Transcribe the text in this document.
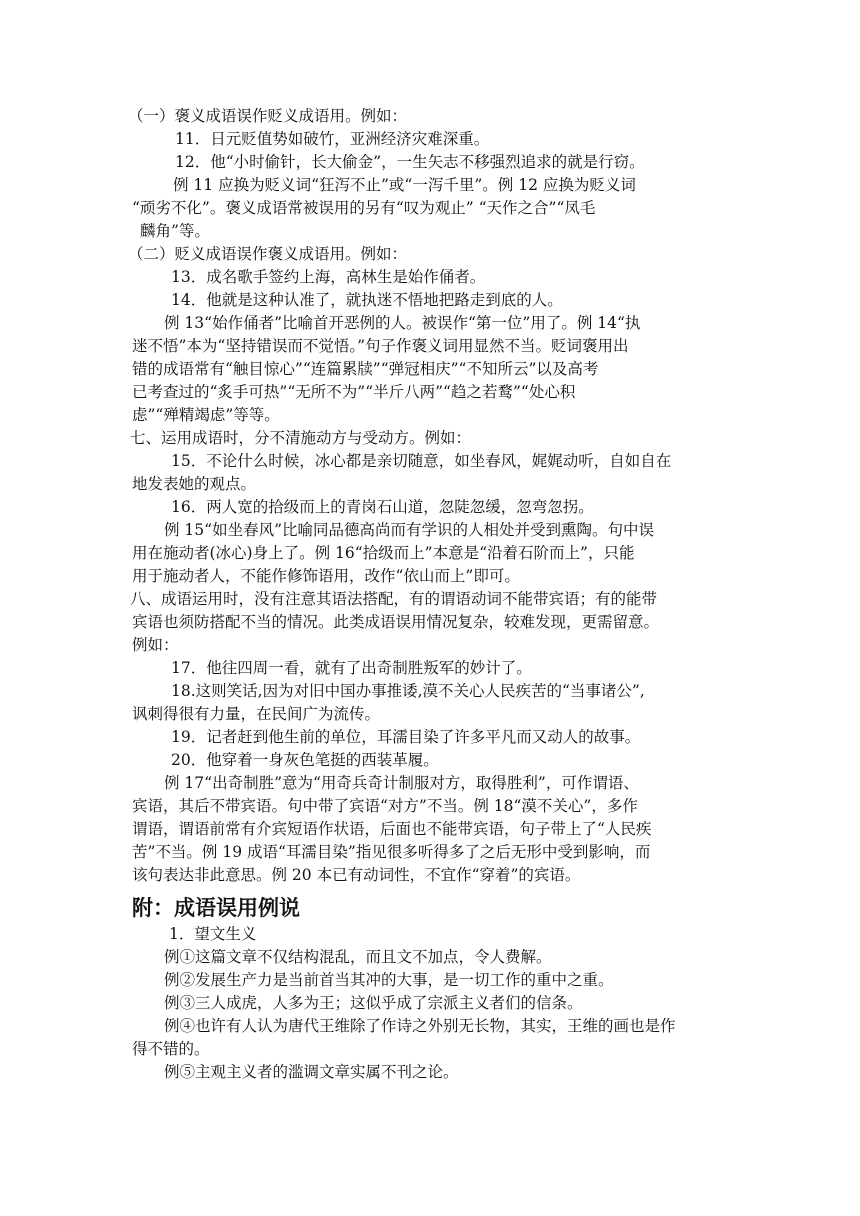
（一）褒义成语误作贬义成语用。例如：
11．日元贬值势如破竹，亚洲经济灾难深重。
12．他“小时偷针，长大偷金”，一生矢志不移强烈追求的就是行窃。
例 11 应换为贬义词“狂泻不止”或“一泻千里”。例 12 应换为贬义词
“顽劣不化”。褒义成语常被误用的另有“叹为观止” “天作之合”“凤毛
麟角”等。
（二）贬义成语误作褒义成语用。例如：
13．成名歌手签约上海，高林生是始作俑者。
14．他就是这种认准了，就执迷不悟地把路走到底的人。
例 13“始作俑者”比喻首开恶例的人。被误作“第一位”用了。例 14“执
迷不悟”本为“坚持错误而不觉悟。”句子作褒义词用显然不当。贬词褒用出
错的成语常有“触目惊心”“连篇累牍”“弹冠相庆”“不知所云”以及高考
已考查过的“炙手可热”“无所不为”“半斤八两”“趋之若鹜”“处心积
虑”“殚精竭虑”等等。
七、运用成语时，分不清施动方与受动方。例如：
15．不论什么时候，冰心都是亲切随意，如坐春风，娓娓动听，自如自在
地发表她的观点。
16．两人宽的拾级而上的青岗石山道，忽陡忽缓，忽弯忽拐。
例 15“如坐春风”比喻同品德高尚而有学识的人相处并受到熏陶。句中误
用在施动者(冰心)身上了。例 16“拾级而上”本意是“沿着石阶而上”，只能
用于施动者人，不能作修饰语用，改作“依山而上”即可。
八、成语运用时，没有注意其语法搭配，有的谓语动词不能带宾语；有的能带
宾语也须防搭配不当的情况。此类成语误用情况复杂，较难发现，更需留意。
例如：
17．他往四周一看，就有了出奇制胜叛军的妙计了。
18.这则笑话,因为对旧中国办事推诿,漠不关心人民疾苦的“当事诸公”,
讽刺得很有力量，在民间广为流传。
19．记者赶到他生前的单位，耳濡目染了许多平凡而又动人的故事。
20．他穿着一身灰色笔挺的西装革履。
例 17“出奇制胜”意为“用奇兵奇计制服对方，取得胜利”，可作谓语、
宾语，其后不带宾语。句中带了宾语“对方”不当。例 18“漠不关心”，多作
谓语，谓语前常有介宾短语作状语，后面也不能带宾语，句子带上了“人民疾
苦”不当。例 19 成语“耳濡目染”指见很多听得多了之后无形中受到影响，而
该句表达非此意思。例 20 本已有动词性，不宜作“穿着”的宾语。
附：成语误用例说
1．望文生义
例①这篇文章不仅结构混乱，而且文不加点，令人费解。
例②发展生产力是当前首当其冲的大事，是一切工作的重中之重。
例③三人成虎，人多为王；这似乎成了宗派主义者们的信条。
例④也许有人认为唐代王维除了作诗之外别无长物，其实，王维的画也是作
得不错的。
例⑤主观主义者的滥调文章实属不刊之论。
